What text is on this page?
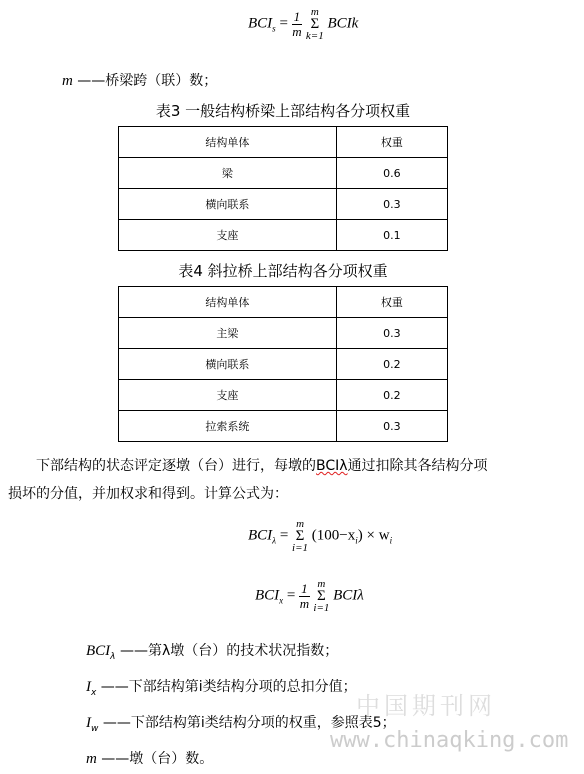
$BCI_s = \frac{1}{m}$
m
Σ
k=1
BCIk
m ——桥梁跨（联）数；
表3 一般结构桥梁上部结构各分项权重
结构单体	权重
梁	0.6
横向联系	0.3
支座	0.1
表4 斜拉桥上部结构各分项权重
结构单体	权重
主梁	0.3
横向联系	0.2
支座	0.2
拉索系统	0.3
下部结构的状态评定逐墩（台）进行，每墩的BCIλ通过扣除其各结构分项
损坏的分值，并加权求和得到。计算公式为：
$BCI_\lambda$ =
m
Σ
i=1
$(100-x_i) \times w_i$
$BCI_x = \frac{1}{m}$
m
Σ
i=1
BCIλ
$BCI_\lambda$ ——第λ墩（台）的技术状况指数；
$I_x$ ——下部结构第i类结构分项的总扣分值；
$I_w$ ——下部结构第i类结构分项的权重，参照表5；
m ——墩（台）数。
中国期刊网
www.chinaqking.com
